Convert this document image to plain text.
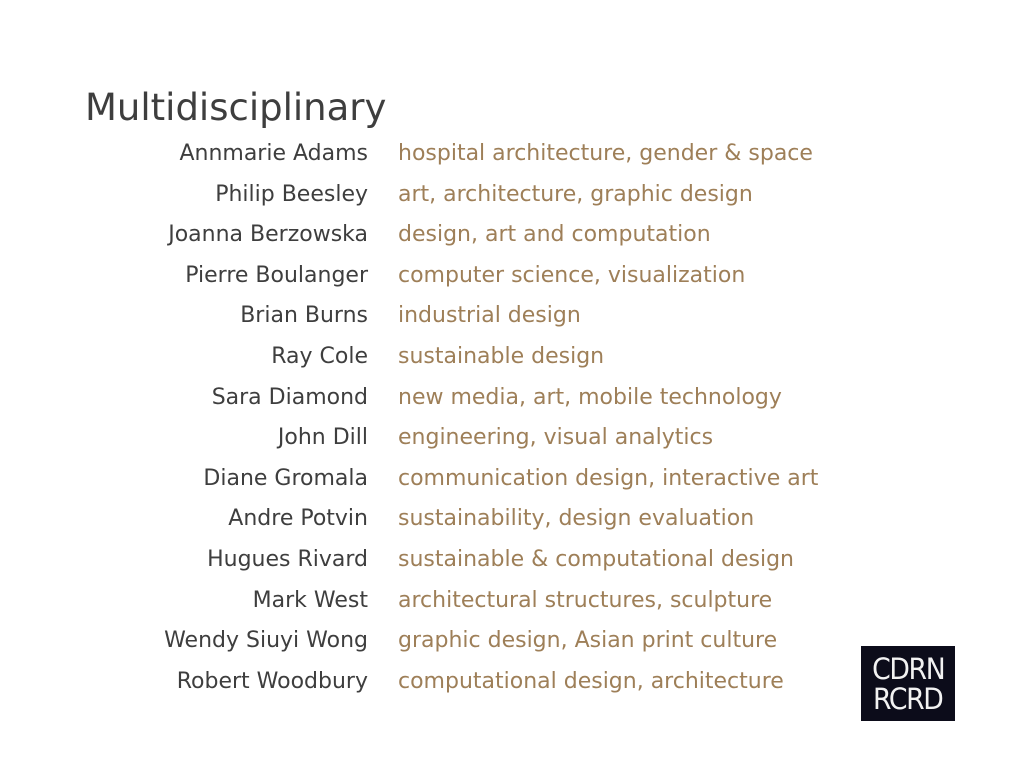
Multidisciplinary
Annmarie Adams hospital architecture, gender & space
Philip Beesley art, architecture, graphic design
Joanna Berzowska design, art and computation
Pierre Boulanger computer science, visualization
Brian Burns industrial design
Ray Cole sustainable design
Sara Diamond new media, art, mobile technology
John Dill engineering, visual analytics
Diane Gromala communication design, interactive art
Andre Potvin sustainability, design evaluation
Hugues Rivard sustainable & computational design
Mark West architectural structures, sculpture
Wendy Siuyi Wong graphic design, Asian print culture
Robert Woodbury computational design, architecture	CDRN
RCRD
